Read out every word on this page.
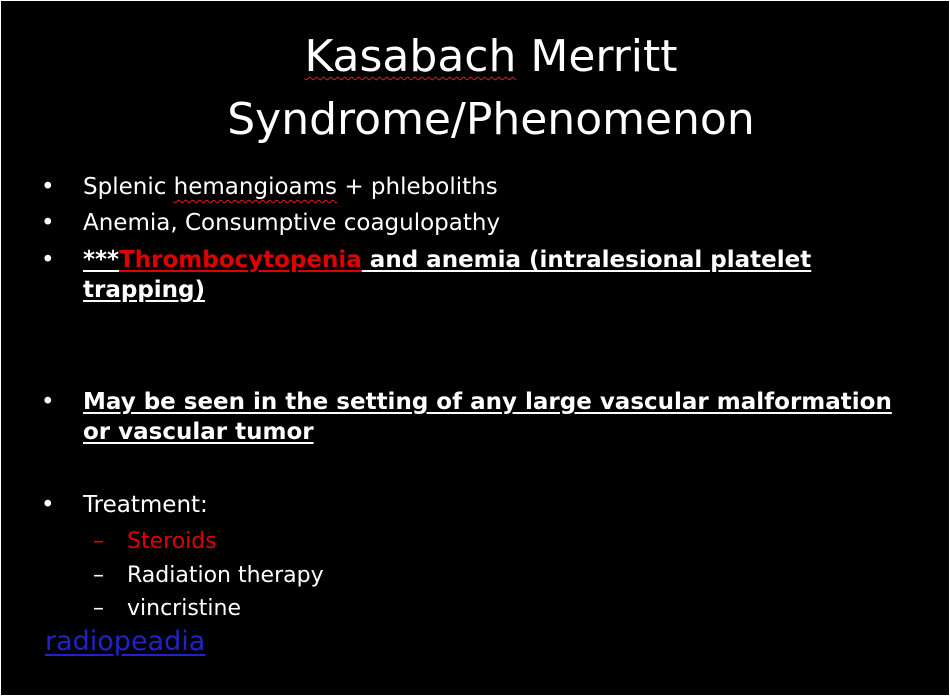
Kasabach Merritt
Syndrome/Phenomenon
• Splenic hemangioams + phleboliths
• Anemia, Consumptive coagulopathy
• ***Thrombocytopenia and anemia (intralesional platelet trapping)
• May be seen in the setting of any large vascular malformation or vascular tumor
• Treatment:
– Steroids
– Radiation therapy
– vincristine
radiopeadia
